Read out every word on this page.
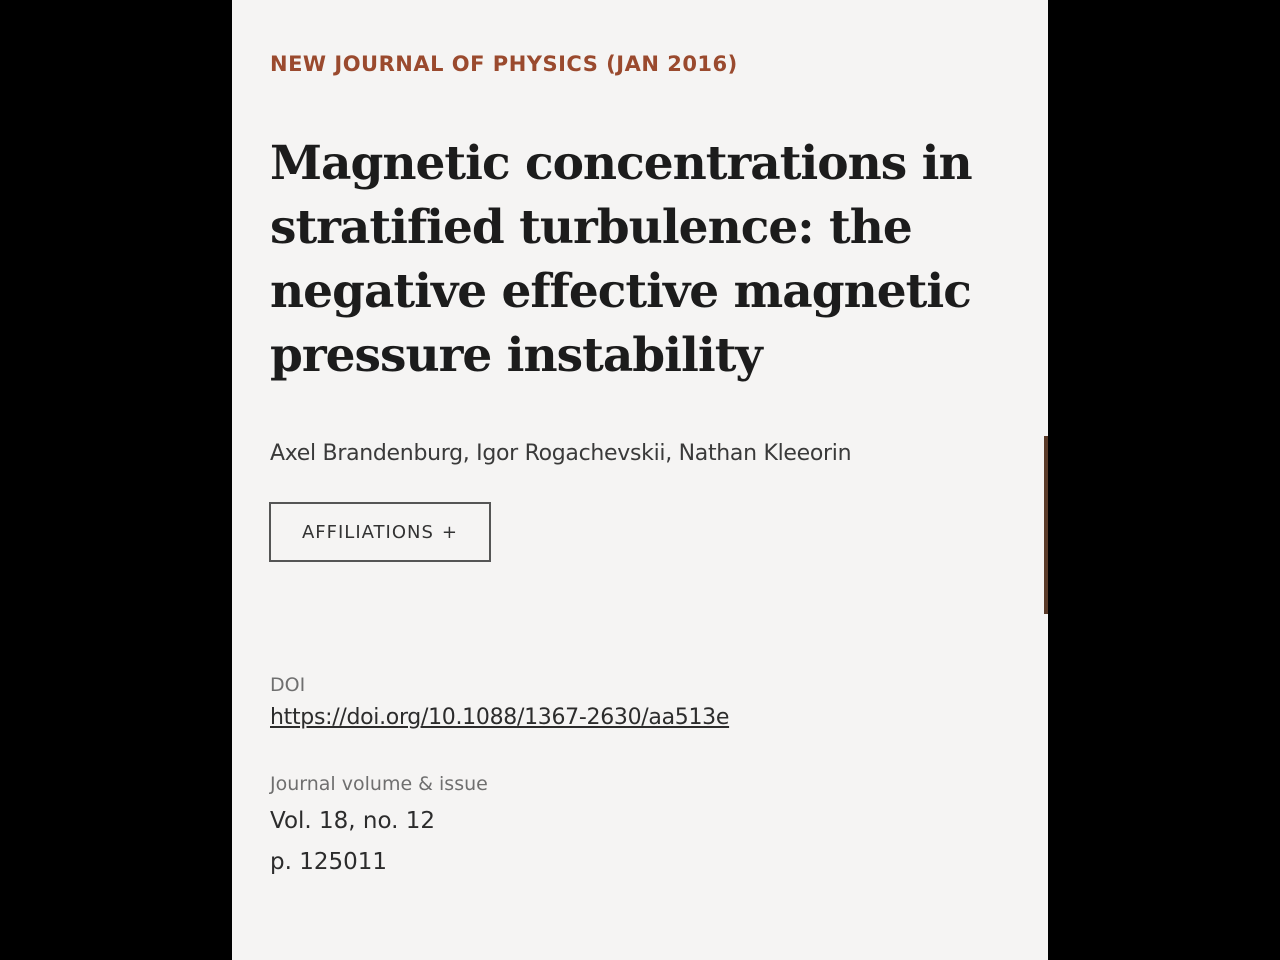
NEW JOURNAL OF PHYSICS (JAN 2016)
Magnetic concentrations in stratified turbulence: the negative effective magnetic pressure instability
Axel Brandenburg, Igor Rogachevskii, Nathan Kleeorin
AFFILIATIONS +
DOI
https://doi.org/10.1088/1367-2630/aa513e
Journal volume & issue
Vol. 18, no. 12
p. 125011
